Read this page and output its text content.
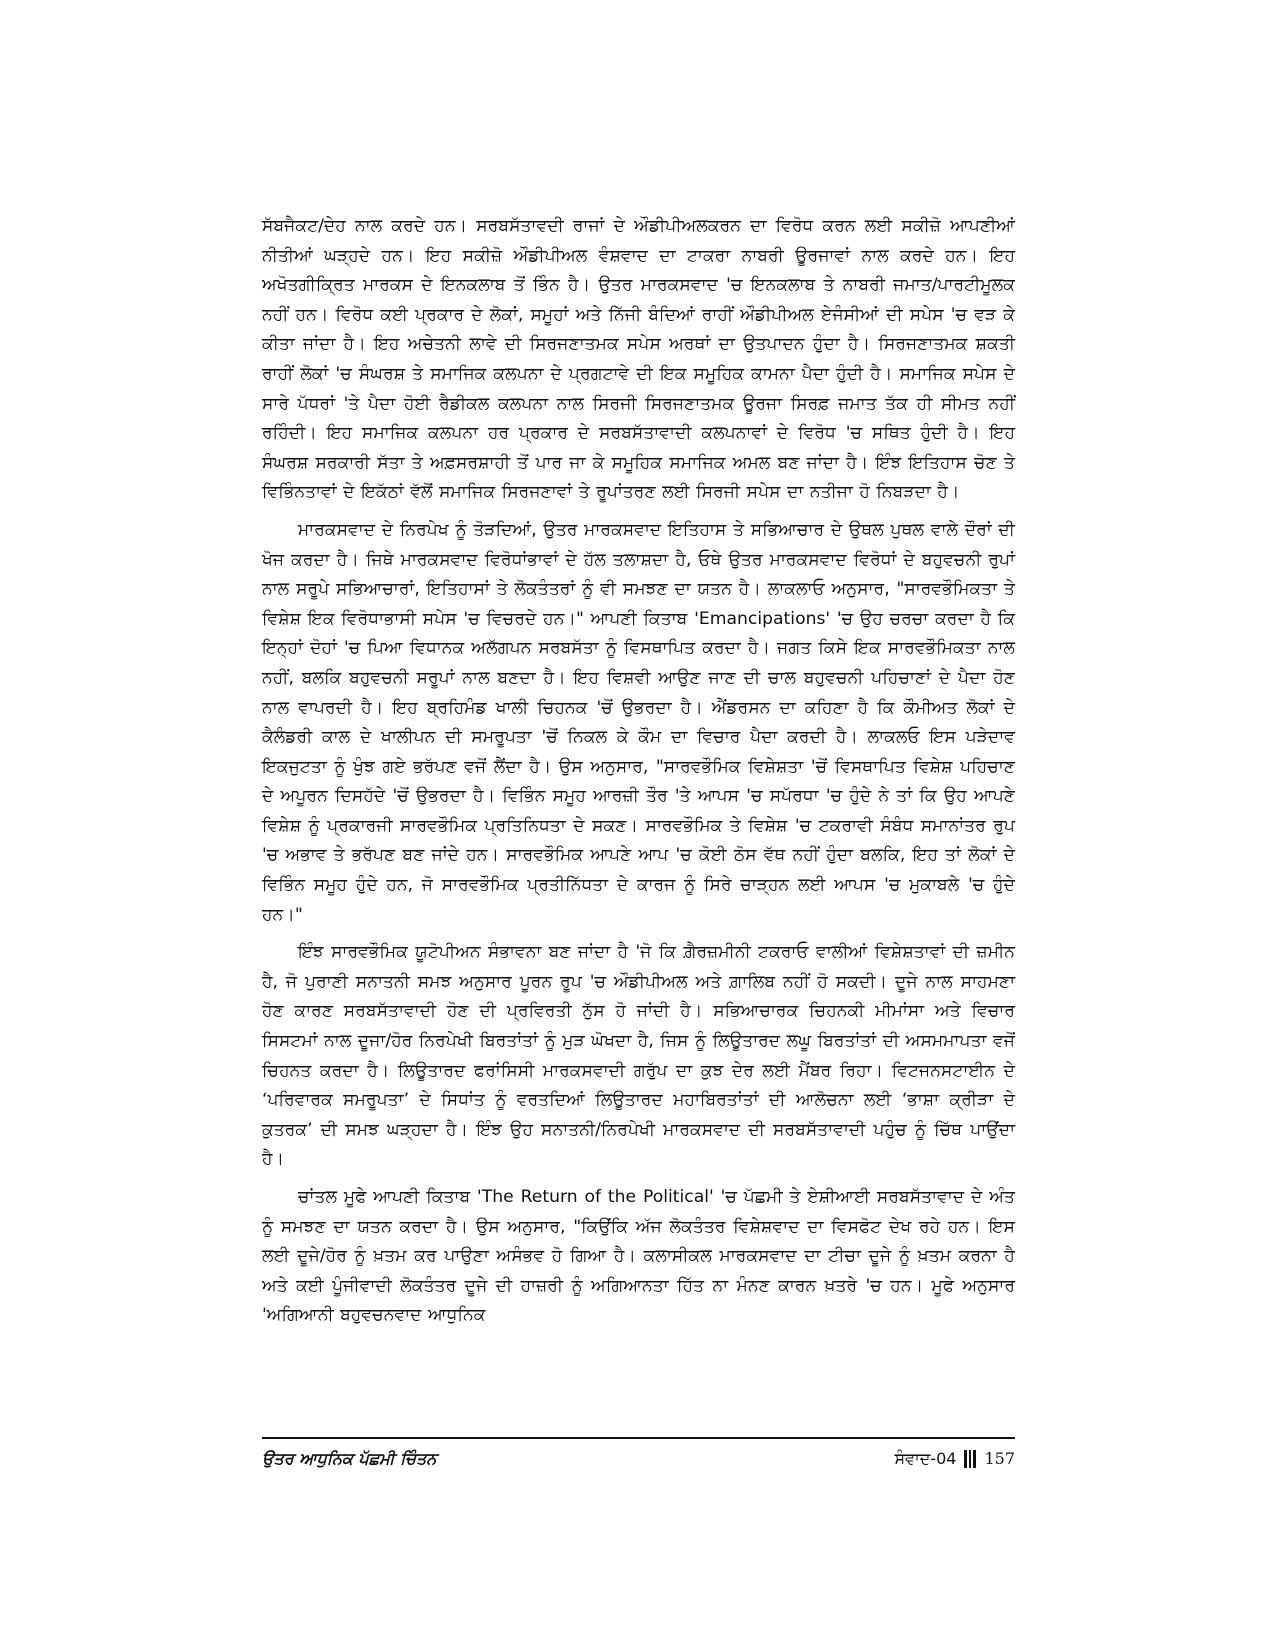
ਸੱਬਜੈਕਟ/ਦੇਹ ਨਾਲ ਕਰਦੇ ਹਨ। ਸਰਬਸੱਤਾਵਦੀ ਰਾਜਾਂ ਦੇ ਔਡੀਪੀਅਲਕਰਨ ਦਾ ਵਿਰੋਧ ਕਰਨ ਲਈ ਸਕੀਜ਼ੋ ਆਪਣੀਆਂ ਨੀਤੀਆਂ ਘੜ੍ਹਦੇ ਹਨ। ਇਹ ਸਕੀਜ਼ੋ ਔਡੀਪੀਅਲ ਵੰਸ਼ਵਾਦ ਦਾ ਟਾਕਰਾ ਨਾਬਰੀ ਊਰਜਾਵਾਂ ਨਾਲ ਕਰਦੇ ਹਨ। ਇਹ ਅਖੋਤਗੀਕ੍ਰਿਤ ਮਾਰਕਸ ਦੇ ਇਨਕਲਾਬ ਤੋਂ ਭਿੰਨ ਹੈ। ਉਤਰ ਮਾਰਕਸਵਾਦ 'ਚ ਇਨਕਲਾਬ ਤੇ ਨਾਬਰੀ ਜਮਾਤ/ਪਾਰਟੀਮੂਲਕ ਨਹੀਂ ਹਨ। ਵਿਰੋਧ ਕਈ ਪ੍ਰਕਾਰ ਦੇ ਲੋਕਾਂ, ਸਮੂਹਾਂ ਅਤੇ ਨਿੱਜੀ ਬੰਦਿਆਂ ਰਾਹੀਂ ਔਡੀਪੀਅਲ ਏਜੰਸੀਆਂ ਦੀ ਸਪੇਸ 'ਚ ਵੜ ਕੇ ਕੀਤਾ ਜਾਂਦਾ ਹੈ। ਇਹ ਅਚੇਤਨੀ ਲਾਵੇ ਦੀ ਸਿਰਜਣਾਤਮਕ ਸਪੇਸ ਅਰਥਾਂ ਦਾ ਉਤਪਾਦਨ ਹੁੰਦਾ ਹੈ। ਸਿਰਜਣਾਤਮਕ ਸ਼ਕਤੀ ਰਾਹੀਂ ਲੋਕਾਂ 'ਚ ਸੰਘਰਸ਼ ਤੇ ਸਮਾਜਿਕ ਕਲਪਨਾ ਦੇ ਪ੍ਰਗਟਾਵੇ ਦੀ ਇਕ ਸਮੂਹਿਕ ਕਾਮਨਾ ਪੈਦਾ ਹੁੰਦੀ ਹੈ। ਸਮਾਜਿਕ ਸਪੇਸ ਦੇ ਸਾਰੇ ਪੱਧਰਾਂ 'ਤੇ ਪੈਦਾ ਹੋਈ ਰੈਡੀਕਲ ਕਲਪਨਾ ਨਾਲ ਸਿਰਜੀ ਸਿਰਜਣਾਤਮਕ ਊਰਜਾ ਸਿਰਫ਼ ਜਮਾਤ ਤੱਕ ਹੀ ਸੀਮਤ ਨਹੀਂ ਰਹਿੰਦੀ। ਇਹ ਸਮਾਜਿਕ ਕਲਪਨਾ ਹਰ ਪ੍ਰਕਾਰ ਦੇ ਸਰਬਸੱਤਾਵਾਦੀ ਕਲਪਨਾਵਾਂ ਦੇ ਵਿਰੋਧ 'ਚ ਸਥਿਤ ਹੁੰਦੀ ਹੈ। ਇਹ ਸੰਘਰਸ਼ ਸਰਕਾਰੀ ਸੱਤਾ ਤੇ ਅਫ਼ਸਰਸ਼ਾਹੀ ਤੋਂ ਪਾਰ ਜਾ ਕੇ ਸਮੂਹਿਕ ਸਮਾਜਿਕ ਅਮਲ ਬਣ ਜਾਂਦਾ ਹੈ। ਇੰਝ ਇਤਿਹਾਸ ਚੋਣ ਤੇ ਵਿਭਿੰਨਤਾਵਾਂ ਦੇ ਇਕੱਠਾਂ ਵੱਲੋਂ ਸਮਾਜਿਕ ਸਿਰਜਣਾਵਾਂ ਤੇ ਰੂਪਾਂਤਰਣ ਲਈ ਸਿਰਜੀ ਸਪੇਸ ਦਾ ਨਤੀਜਾ ਹੋ ਨਿਬੜਦਾ ਹੈ।

ਮਾਰਕਸਵਾਦ ਦੇ ਨਿਰਪੇਖ ਨੂੰ ਤੋੜਦਿਆਂ, ਉਤਰ ਮਾਰਕਸਵਾਦ ਇਤਿਹਾਸ ਤੇ ਸਭਿਆਚਾਰ ਦੇ ਉਥਲ ਪੁਥਲ ਵਾਲੇ ਦੌਰਾਂ ਦੀ ਖੋਜ ਕਰਦਾ ਹੈ। ਜਿਥੇ ਮਾਰਕਸਵਾਦ ਵਿਰੋਧਾਂਭਾਵਾਂ ਦੇ ਹੱਲ ਤਲਾਸ਼ਦਾ ਹੈ, ਓਥੇ ਉਤਰ ਮਾਰਕਸਵਾਦ ਵਿਰੋਧਾਂ ਦੇ ਬਹੁਵਚਨੀ ਰੁਪਾਂ ਨਾਲ ਸਰੂਪੇ ਸਭਿਆਚਾਰਾਂ, ਇਤਿਹਾਸਾਂ ਤੇ ਲੋਕਤੰਤਰਾਂ ਨੂੰ ਵੀ ਸਮਝਣ ਦਾ ਯਤਨ ਹੈ। ਲਾਕਲਾਓ ਅਨੁਸਾਰ, "ਸਾਰਵਭੌਮਿਕਤਾ ਤੇ ਵਿਸ਼ੇਸ਼ ਇਕ ਵਿਰੋਧਾਭਾਸੀ ਸਪੇਸ 'ਚ ਵਿਚਰਦੇ ਹਨ।" ਆਪਣੀ ਕਿਤਾਬ 'Emancipations' 'ਚ ਉਹ ਚਰਚਾ ਕਰਦਾ ਹੈ ਕਿ ਇਨ੍ਹਾਂ ਦੋਹਾਂ 'ਚ ਪਿਆ ਵਿਧਾਨਕ ਅਲੱਗਪਨ ਸਰਬਸੱਤਾ ਨੂੰ ਵਿਸਥਾਪਿਤ ਕਰਦਾ ਹੈ। ਜਗਤ ਕਿਸੇ ਇਕ ਸਾਰਵਭੌਮਿਕਤਾ ਨਾਲ ਨਹੀਂ, ਬਲਕਿ ਬਹੁਵਚਨੀ ਸਰੂਪਾਂ ਨਾਲ ਬਣਦਾ ਹੈ। ਇਹ ਵਿਸ਼ਵੀ ਆਉਣ ਜਾਣ ਦੀ ਚਾਲ ਬਹੁਵਚਨੀ ਪਹਿਚਾਣਾਂ ਦੇ ਪੈਦਾ ਹੋਣ ਨਾਲ ਵਾਪਰਦੀ ਹੈ। ਇਹ ਬ੍ਰਹਿਮੰਡ ਖਾਲੀ ਚਿਹਨਕ 'ਚੋਂ ਉਭਰਦਾ ਹੈ। ਐਂਡਰਸਨ ਦਾ ਕਹਿਣਾ ਹੈ ਕਿ ਕੌਮੀਅਤ ਲੋਕਾਂ ਦੇ ਕੈਲੰਡਰੀ ਕਾਲ ਦੇ ਖਾਲੀਪਨ ਦੀ ਸਮਰੂਪਤਾ 'ਚੋਂ ਨਿਕਲ ਕੇ ਕੌਮ ਦਾ ਵਿਚਾਰ ਪੈਦਾ ਕਰਦੀ ਹੈ। ਲਾਕਲਓ ਇਸ ਪੜੇਦਾਵ ਇਕਜੁਟਤਾ ਨੂੰ ਖੁੰਝ ਗਏ ਭਰੱਪਣ ਵਜੋਂ ਲੈਂਦਾ ਹੈ। ਉਸ ਅਨੁਸਾਰ, "ਸਾਰਵਭੌਮਿਕ ਵਿਸ਼ੇਸ਼ਤਾ 'ਚੋਂ ਵਿਸਥਾਪਿਤ ਵਿਸ਼ੇਸ਼ ਪਹਿਚਾਣ ਦੇ ਅਪੂਰਨ ਦਿਸਹੱਦੇ 'ਚੋਂ ਉਭਰਦਾ ਹੈ। ਵਿਭਿੰਨ ਸਮੂਹ ਆਰਜ਼ੀ ਤੌਰ 'ਤੇ ਆਪਸ 'ਚ ਸਪੱਰਧਾ 'ਚ ਹੁੰਦੇ ਨੇ ਤਾਂ ਕਿ ਉਹ ਆਪਣੇ ਵਿਸ਼ੇਸ਼ ਨੂੰ ਪ੍ਰਕਾਰਜੀ ਸਾਰਵਭੌਮਿਕ ਪ੍ਰਤਿਨਿਧਤਾ ਦੇ ਸਕਣ। ਸਾਰਵਭੌਮਿਕ ਤੇ ਵਿਸ਼ੇਸ਼ 'ਚ ਟਕਰਾਵੀ ਸੰਬੰਧ ਸਮਾਨਾਂਤਰ ਰੁਪ 'ਚ ਅਭਾਵ ਤੇ ਭਰੱਪਣ ਬਣ ਜਾਂਦੇ ਹਨ। ਸਾਰਵਭੌਮਿਕ ਆਪਣੇ ਆਪ 'ਚ ਕੋਈ ਠੋਸ ਵੱਥ ਨਹੀਂ ਹੁੰਦਾ ਬਲਕਿ, ਇਹ ਤਾਂ ਲੋਕਾਂ ਦੇ ਵਿਭਿੰਨ ਸਮੂਹ ਹੁੰਦੇ ਹਨ, ਜੋ ਸਾਰਵਭੌਮਿਕ ਪ੍ਰਤੀਨਿੱਧਤਾ ਦੇ ਕਾਰਜ ਨੂੰ ਸਿਰੇ ਚਾੜ੍ਹਨ ਲਈ ਆਪਸ 'ਚ ਮੁਕਾਬਲੇ 'ਚ ਹੁੰਦੇ ਹਨ।"

ਇੰਝ ਸਾਰਵਭੌਮਿਕ ਯੂਟੋਪੀਅਨ ਸੰਭਾਵਨਾ ਬਣ ਜਾਂਦਾ ਹੈ 'ਜੋ ਕਿ ਗ਼ੈਰਜ਼ਮੀਨੀ ਟਕਰਾਓ ਵਾਲੀਆਂ ਵਿਸ਼ੇਸ਼ਤਾਵਾਂ ਦੀ ਜ਼ਮੀਨ ਹੈ, ਜੋ ਪੁਰਾਣੀ ਸਨਾਤਨੀ ਸਮਝ ਅਨੁਸਾਰ ਪੂਰਨ ਰੂਪ 'ਚ ਔਡੀਪੀਅਲ ਅਤੇ ਗ਼ਾਲਿਬ ਨਹੀਂ ਹੋ ਸਕਦੀ। ਦੂਜੇ ਨਾਲ ਸਾਹਮਣਾ ਹੋਣ ਕਾਰਣ ਸਰਬਸੱਤਾਵਾਦੀ ਹੋਣ ਦੀ ਪ੍ਰਵਿਰਤੀ ਨੁੱਸ ਹੋ ਜਾਂਦੀ ਹੈ। ਸਭਿਆਚਾਰਕ ਚਿਹਨਕੀ ਮੀਮਾਂਸਾ ਅਤੇ ਵਿਚਾਰ ਸਿਸਟਮਾਂ ਨਾਲ ਦੂਜਾ/ਹੋਰ ਨਿਰਪੇਖੀ ਬਿਰਤਾਂਤਾਂ ਨੂੰ ਮੁੜ ਘੋਖਦਾ ਹੈ, ਜਿਸ ਨੂੰ ਲਿਊਤਾਰਦ ਲਘੂ ਬਿਰਤਾਂਤਾਂ ਦੀ ਅਸਮਮਾਪਤਾ ਵਜੋਂ ਚਿਹਨਤ ਕਰਦਾ ਹੈ। ਲਿਊਤਾਰਦ ਫਰਾਂਸਿਸੀ ਮਾਰਕਸਵਾਦੀ ਗਰੁੱਪ ਦਾ ਕੁਝ ਦੇਰ ਲਈ ਮੈਂਬਰ ਰਿਹਾ। ਵਿਟਜਨਸਟਾਈਨ ਦੇ ‘ਪਰਿਵਾਰਕ ਸਮਰੂਪਤਾ’ ਦੇ ਸਿਧਾਂਤ ਨੂੰ ਵਰਤਦਿਆਂ ਲਿਊਤਾਰਦ ਮਹਾਬਿਰਤਾਂਤਾਂ ਦੀ ਆਲੋਚਨਾ ਲਈ ‘ਭਾਸ਼ਾ ਕ੍ਰੀੜਾ ਦੇ ਕੁਤਰਕ’ ਦੀ ਸਮਝ ਘੜ੍ਹਦਾ ਹੈ। ਇੰਝ ਉਹ ਸਨਾਤਨੀ/ਨਿਰਪੇਖੀ ਮਾਰਕਸਵਾਦ ਦੀ ਸਰਬਸੱਤਾਵਾਦੀ ਪਹੁੰਚ ਨੂੰ ਚਿੱਥ ਪਾਉਂਦਾ ਹੈ।

ਚਾਂਤਲ ਮੂਫੇ ਆਪਣੀ ਕਿਤਾਬ 'The Return of the Political' 'ਚ ਪੱਛਮੀ ਤੇ ਏਸ਼ੀਆਈ ਸਰਬਸੱਤਾਵਾਦ ਦੇ ਅੰਤ ਨੂੰ ਸਮਝਣ ਦਾ ਯਤਨ ਕਰਦਾ ਹੈ। ਉਸ ਅਨੁਸਾਰ, "ਕਿਉਂਕਿ ਅੱਜ ਲੋਕਤੰਤਰ ਵਿਸ਼ੇਸ਼ਵਾਦ ਦਾ ਵਿਸਫੋਟ ਦੇਖ ਰਹੇ ਹਨ। ਇਸ ਲਈ ਦੂਜੇ/ਹੋਰ ਨੂੰ ਖ਼ਤਮ ਕਰ ਪਾਉਣਾ ਅਸੰਭਵ ਹੋ ਗਿਆ ਹੈ। ਕਲਾਸੀਕਲ ਮਾਰਕਸਵਾਦ ਦਾ ਟੀਚਾ ਦੂਜੇ ਨੂੰ ਖ਼ਤਮ ਕਰਨਾ ਹੈ ਅਤੇ ਕਈ ਪੂੰਜੀਵਾਦੀ ਲੋਕਤੰਤਰ ਦੂਜੇ ਦੀ ਹਾਜ਼ਰੀ ਨੂੰ ਅਗਿਆਨਤਾ ਹਿੱਤ ਨਾ ਮੰਨਣ ਕਾਰਨ ਖ਼ਤਰੇ 'ਚ ਹਨ। ਮੂਫੇ ਅਨੁਸਾਰ 'ਅਗਿਆਨੀ ਬਹੁਵਚਨਵਾਦ ਆਧੁਨਿਕ

ਉਤਰ ਆਧੁਨਿਕ ਪੱਛਮੀ ਚਿੰਤਨ	ਸੰਵਾਦ-04 157
